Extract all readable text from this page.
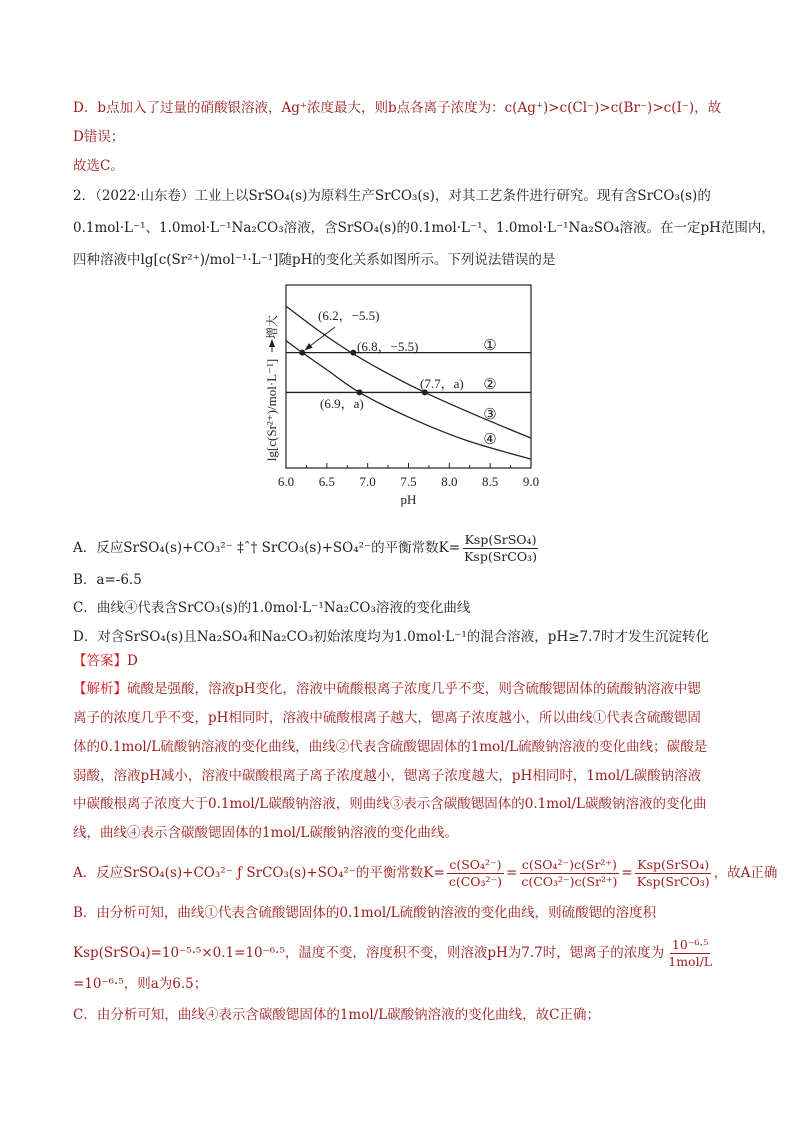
D．b点加入了过量的硝酸银溶液，Ag⁺浓度最大，则b点各离子浓度为：c(Ag⁺)>c(Cl⁻)>c(Br⁻)>c(I⁻)，故
D错误；
故选C。
2．（2022·山东卷）工业上以SrSO₄(s)为原料生产SrCO₃(s)，对其工艺条件进行研究。现有含SrCO₃(s)的
0.1mol·L⁻¹、1.0mol·L⁻¹Na₂CO₃溶液，含SrSO₄(s)的0.1mol·L⁻¹、1.0mol·L⁻¹Na₂SO₄溶液。在一定pH范围内，
四种溶液中lg[c(Sr²⁺)/mol⁻¹·L⁻¹]随pH的变化关系如图所示。下列说法错误的是
6.0 6.5 7.0 7.5 8.0 8.5 9.0
pH
lg[c(Sr²⁺)/mol·L⁻¹]
增大
①
②
③
④
(6.2，−5.5)
(6.8，−5.5)
(7.7，a)
(6.9，a)
A．反应SrSO₄(s)+CO₃²⁻ ‡ˆ† SrCO₃(s)+SO₄²⁻的平衡常数$K= \frac{\text{Ksp(SrSO₄)}}{\text{Ksp(SrCO₃)}}$
B．a=-6.5
C．曲线④代表含SrCO₃(s)的1.0mol·L⁻¹Na₂CO₃溶液的变化曲线
D．对含SrSO₄(s)且Na₂SO₄和Na₂CO₃初始浓度均为1.0mol·L⁻¹的混合溶液，pH≥7.7时才发生沉淀转化
【答案】D
【解析】硫酸是强酸，溶液pH变化，溶液中硫酸根离子浓度几乎不变，则含硫酸锶固体的硫酸钠溶液中锶
离子的浓度几乎不变，pH相同时，溶液中硫酸根离子越大，锶离子浓度越小，所以曲线①代表含硫酸锶固
体的0.1mol/L硫酸钠溶液的变化曲线，曲线②代表含硫酸锶固体的1mol/L硫酸钠溶液的变化曲线；碳酸是
弱酸，溶液pH减小，溶液中碳酸根离子离子浓度越小，锶离子浓度越大，pH相同时，1mol/L碳酸钠溶液
中碳酸根离子浓度大于0.1mol/L碳酸钠溶液，则曲线③表示含碳酸锶固体的0.1mol/L碳酸钠溶液的变化曲
线，曲线④表示含碳酸锶固体的1mol/L碳酸钠溶液的变化曲线。
A．反应SrSO₄(s)+CO₃²⁻ ƒ SrCO₃(s)+SO₄²⁻的平衡常数$K= \frac{\text{c(SO₄²⁻)}}{\text{c(CO₃²⁻)}} = \frac{\text{c(SO₄²⁻)c(Sr²⁺)}}{\text{c(CO₃²⁻)c(Sr²⁺)}} = \frac{\text{Ksp(SrSO₄)}}{\text{Ksp(SrCO₃)}}$ ，故A正确
B．由分析可知，曲线①代表含硫酸锶固体的0.1mol/L硫酸钠溶液的变化曲线，则硫酸锶的溶度积
Ksp(SrSO₄)=10⁻⁵·⁵×0.1=10⁻⁶·⁵，温度不变，溶度积不变，则溶液pH为7.7时，锶离子的浓度为 $\frac{\text{10⁻⁶·⁵}}{\text{1mol/L}}$
=10⁻⁶·⁵，则a为6.5；
C．由分析可知，曲线④表示含碳酸锶固体的1mol/L碳酸钠溶液的变化曲线，故C正确；
